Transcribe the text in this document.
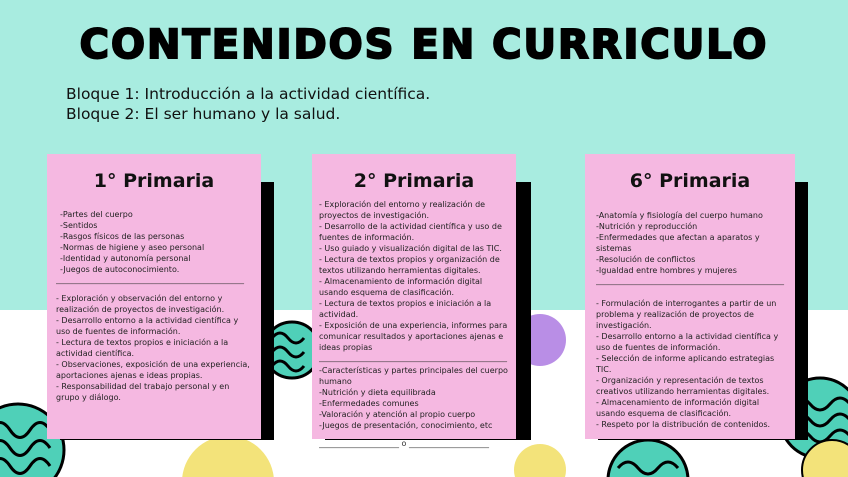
CONTENIDOS EN CURRICULO
Bloque 1: Introducción a la actividad científica.
Bloque 2: El ser humano y la salud.
1° Primaria
-Partes del cuerpo
-Sentidos
-Rasgos físicos de las personas
-Normas de higiene y aseo personal
-Identidad y autonomía personal
-Juegos de autoconocimiento.
_______________________________________________
- Exploración y observación del entorno y realización de proyectos de investigación.
- Desarrollo entorno a la actividad científica y uso de fuentes de información.
- Lectura de textos propios e iniciación a la actividad científica.
- Observaciones, exposición de una experiencia, aportaciones ajenas e ideas propias.
- Responsabilidad del trabajo personal y en grupo y diálogo.
2° Primaria
- Exploración del entorno y realización de proyectos de investigación.
- Desarrollo de la actividad científica y uso de fuentes de información.
- Uso guiado y visualización digital de las TIC.
- Lectura de textos propios y organización de textos utilizando herramientas digitales.
- Almacenamiento de información digital usando esquema de clasificación.
- Lectura de textos propios e iniciación a la actividad.
- Exposición de una experiencia, informes para comunicar resultados y aportaciones ajenas e ideas propias
_______________________________________________
-Características y partes principales del cuerpo humano
-Nutrición y dieta equilibrada
-Enfermedades comunes
-Valoración y atención al propio cuerpo
-Juegos de presentación, conocimiento, etc
____________________ o ____________________
6° Primaria
-Anatomía y fisiología del cuerpo humano
-Nutrición y reproducción
-Enfermedades que afectan a aparatos y sistemas
-Resolución de conflictos
-Igualdad entre hombres y mujeres
_______________________________________________
- Formulación de interrogantes a partir de un problema y realización de proyectos de investigación.
- Desarrollo entorno a la actividad científica y uso de fuentes de información.
- Selección de informe aplicando estrategias TIC.
- Organización y representación de textos creativos utilizando herramientas digitales.
- Almacenamiento de información digital usando esquema de clasificación.
- Respeto por la distribución de contenidos.
